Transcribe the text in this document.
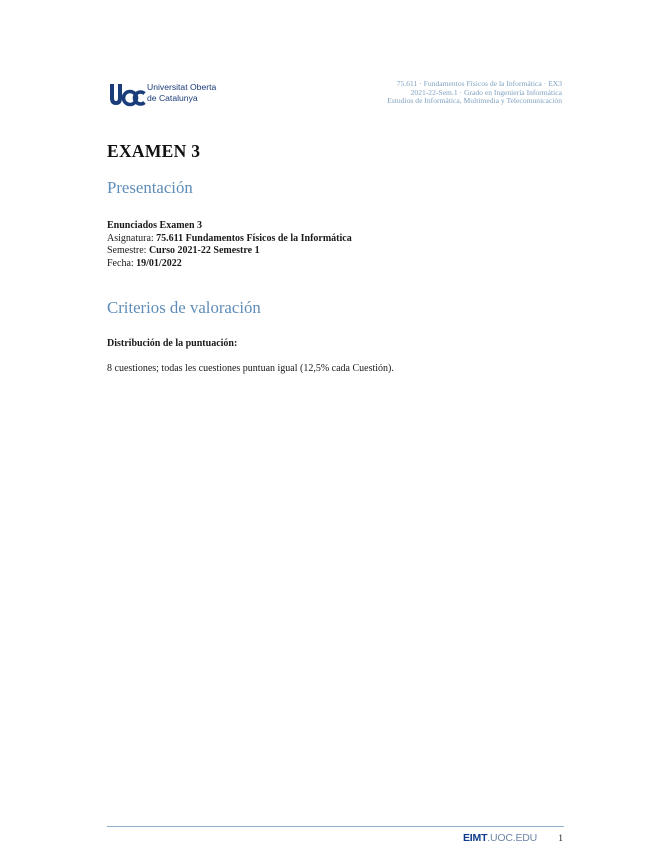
Universitat Oberta
de Catalunya
75.611 · Fundamentos Físicos de la Informática · EX3
2021-22-Sem.1 · Grado en Ingeniería Informática
Estudios de Informática, Multimedia y Telecomunicación
EXAMEN 3
Presentación
Enunciados Examen 3
Asignatura: 75.611 Fundamentos Físicos de la Informática
Semestre: Curso 2021-22 Semestre 1
Fecha: 19/01/2022
Criterios de valoración
Distribución de la puntuación:
8 cuestiones; todas les cuestiones puntuan igual (12,5% cada Cuestión).
EIMT.UOC.EDU 1
